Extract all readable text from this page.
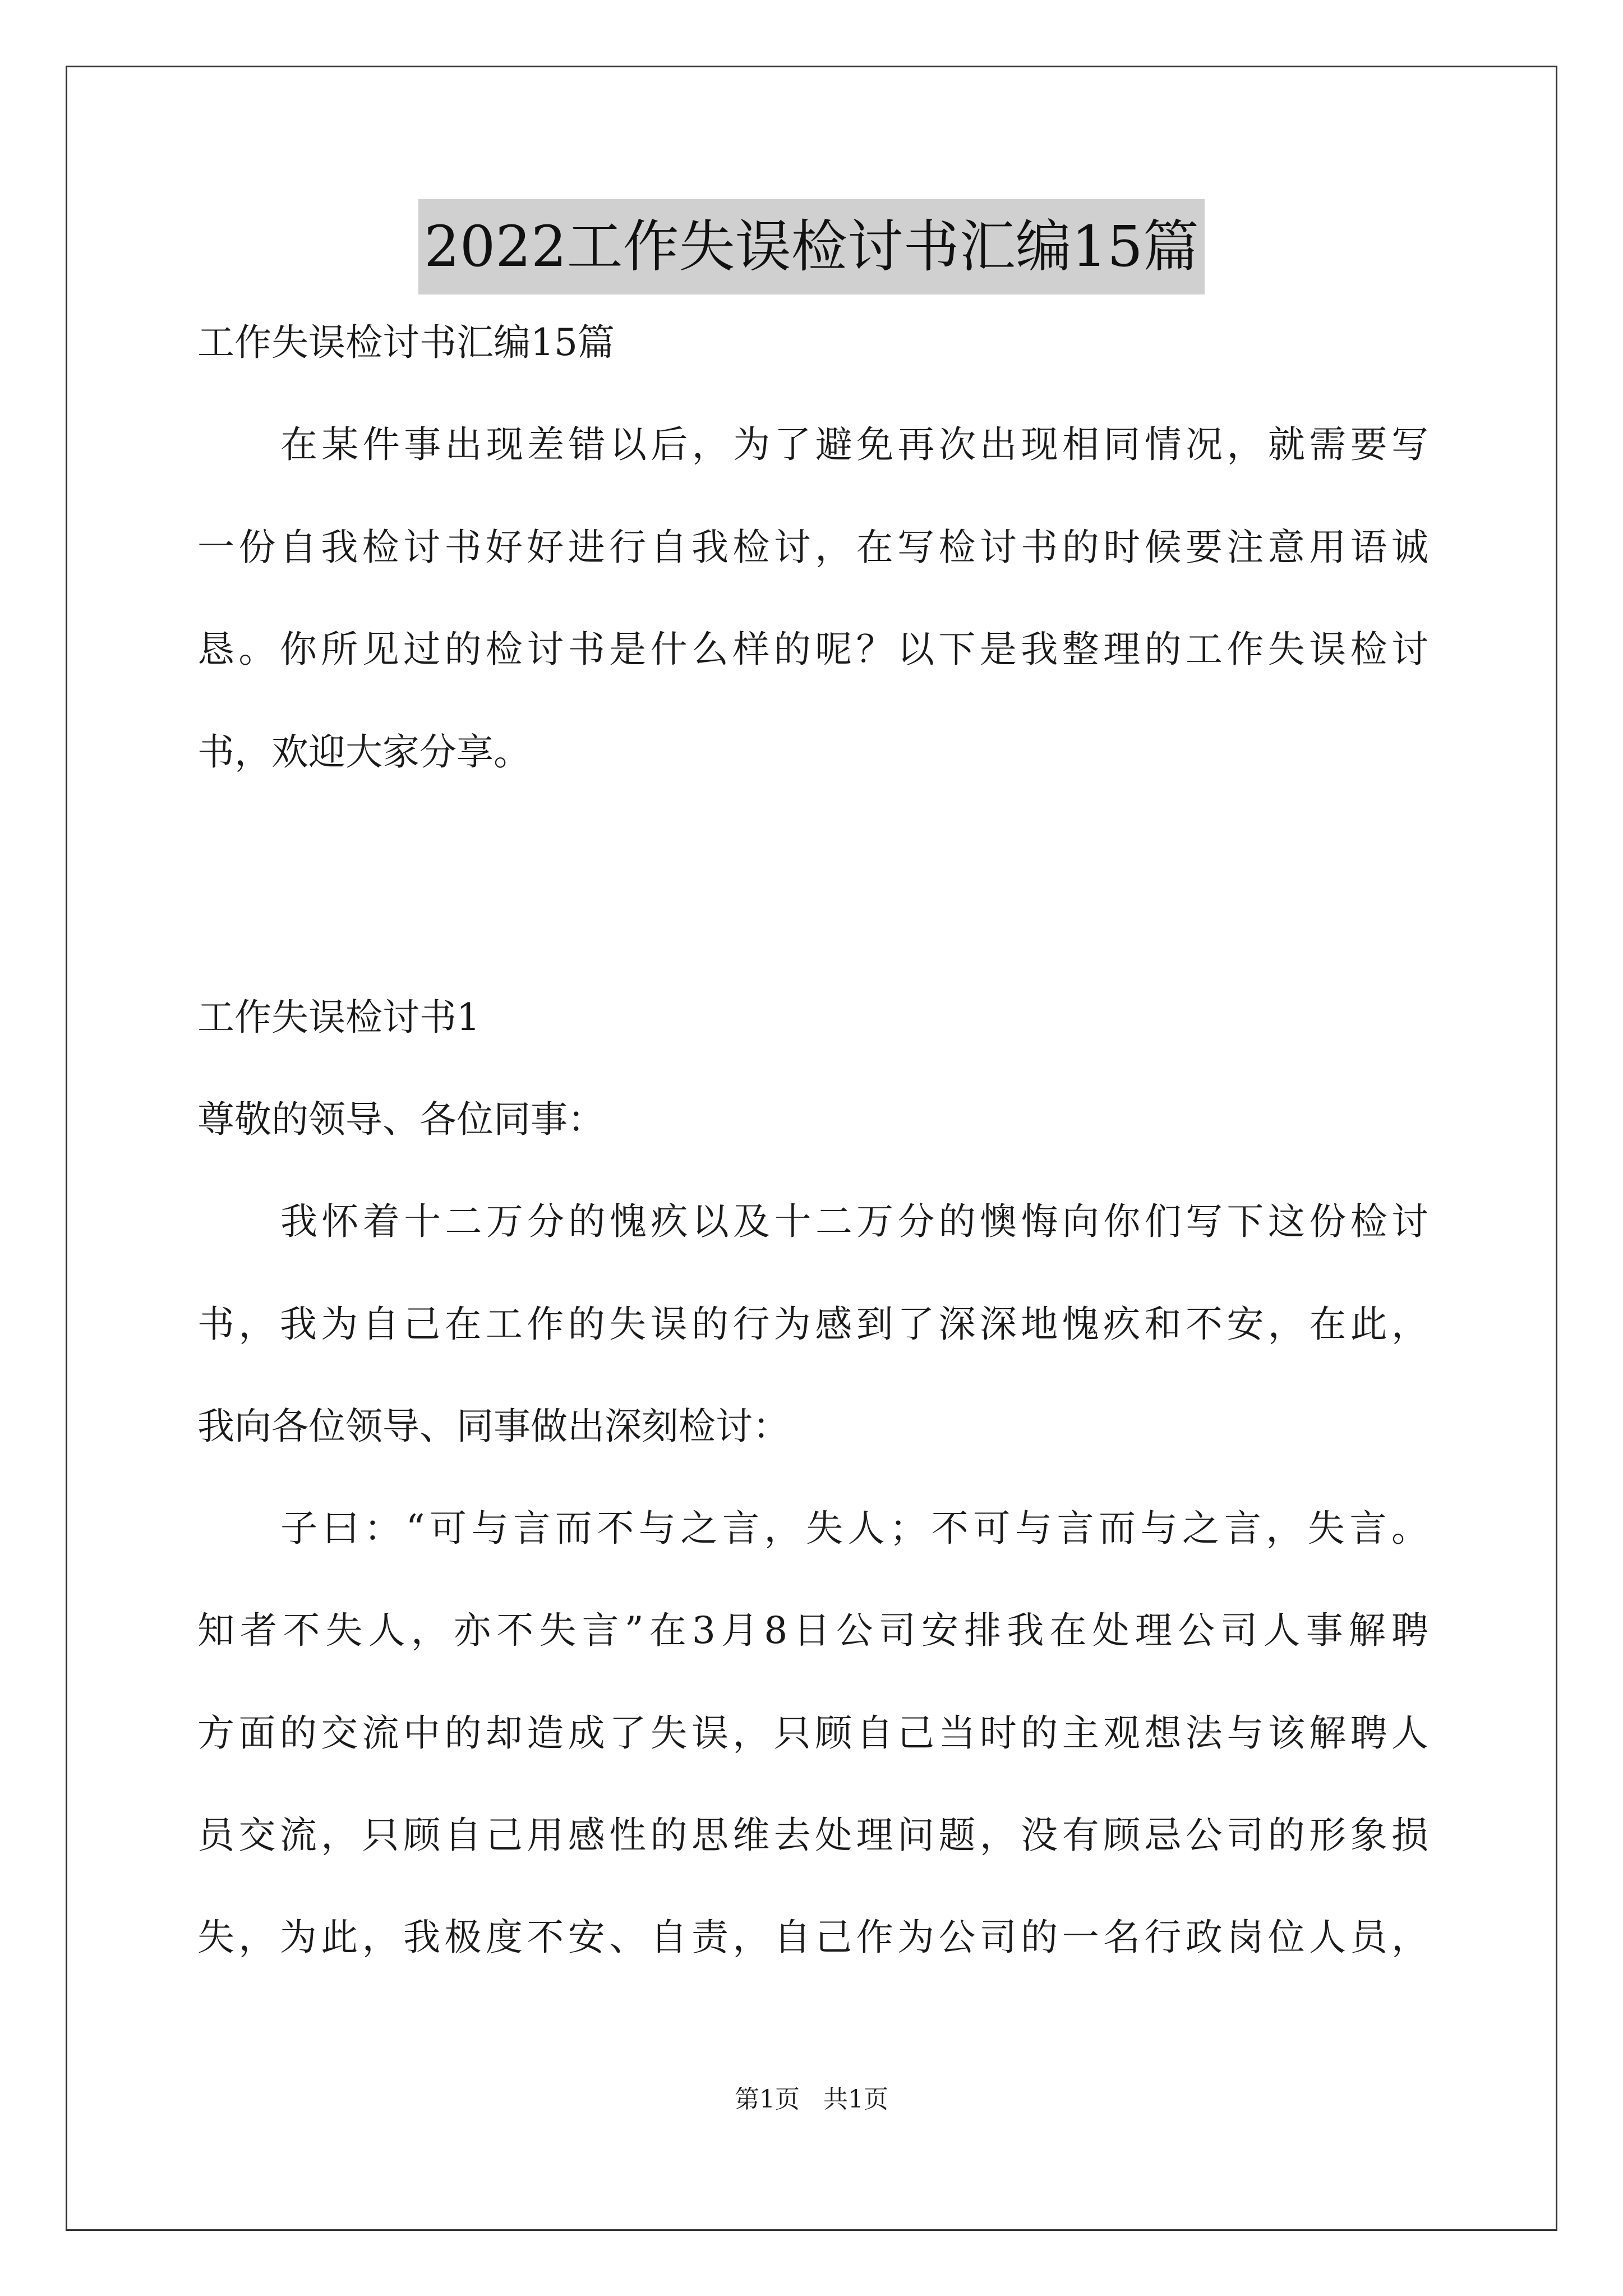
2022工作失误检讨书汇编15篇
工作失误检讨书汇编15篇
在某件事出现差错以后，为了避免再次出现相同情况，就需要写
一份自我检讨书好好进行自我检讨，在写检讨书的时候要注意用语诚
恳。你所见过的检讨书是什么样的呢？以下是我整理的工作失误检讨
书，欢迎大家分享。
工作失误检讨书1
尊敬的领导、各位同事：
我怀着十二万分的愧疚以及十二万分的懊悔向你们写下这份检讨
书，我为自己在工作的失误的行为感到了深深地愧疚和不安，在此，
我向各位领导、同事做出深刻检讨：
子曰：“可与言而不与之言，失人；不可与言而与之言，失言。
知者不失人，亦不失言”在3月8日公司安排我在处理公司人事解聘
方面的交流中的却造成了失误，只顾自己当时的主观想法与该解聘人
员交流，只顾自己用感性的思维去处理问题，没有顾忌公司的形象损
失，为此，我极度不安、自责，自己作为公司的一名行政岗位人员，
第1页 共1页
